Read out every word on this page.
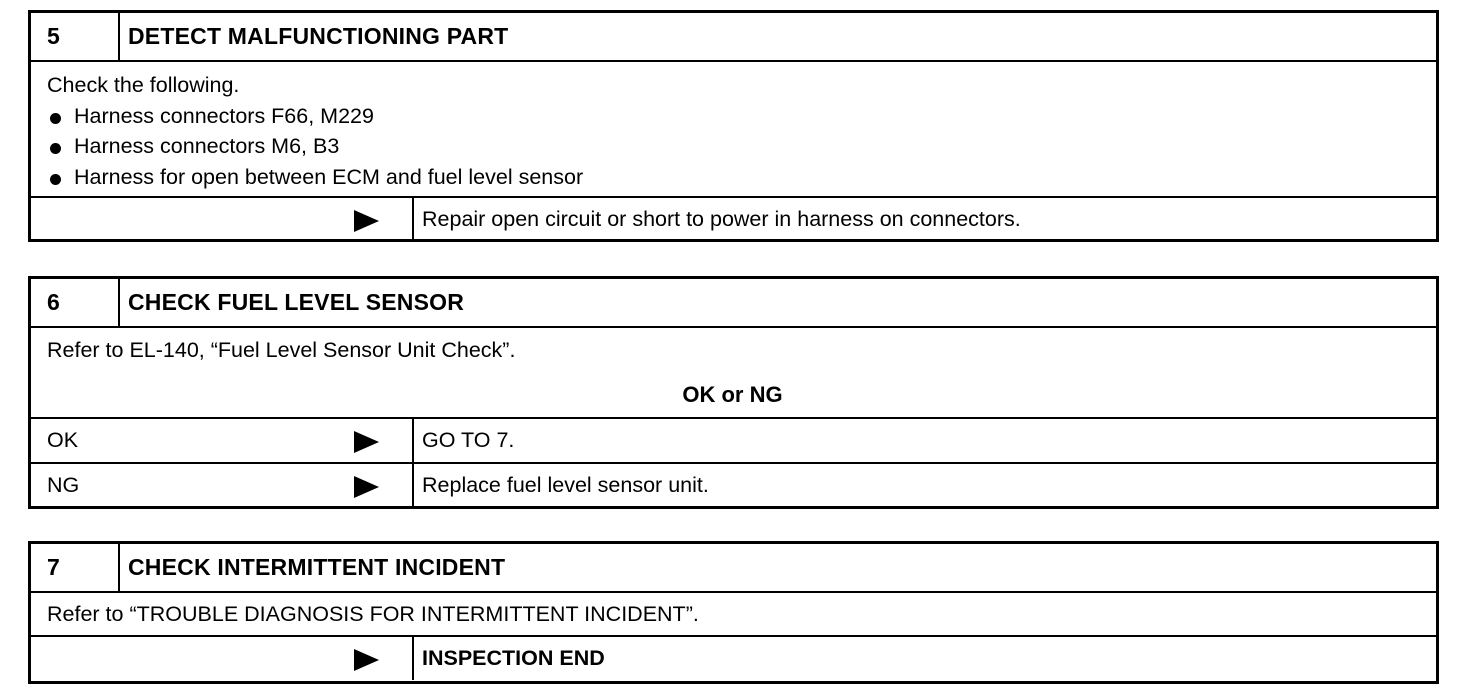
5	DETECT MALFUNCTIONING PART
Check the following.
Harness connectors F66, M229
Harness connectors M6, B3
Harness for open between ECM and fuel level sensor
Repair open circuit or short to power in harness on connectors.
6	CHECK FUEL LEVEL SENSOR
Refer to EL-140, “Fuel Level Sensor Unit Check”.
OK or NG
OK	GO TO 7.
NG	Replace fuel level sensor unit.
7	CHECK INTERMITTENT INCIDENT
Refer to “TROUBLE DIAGNOSIS FOR INTERMITTENT INCIDENT”.
INSPECTION END
